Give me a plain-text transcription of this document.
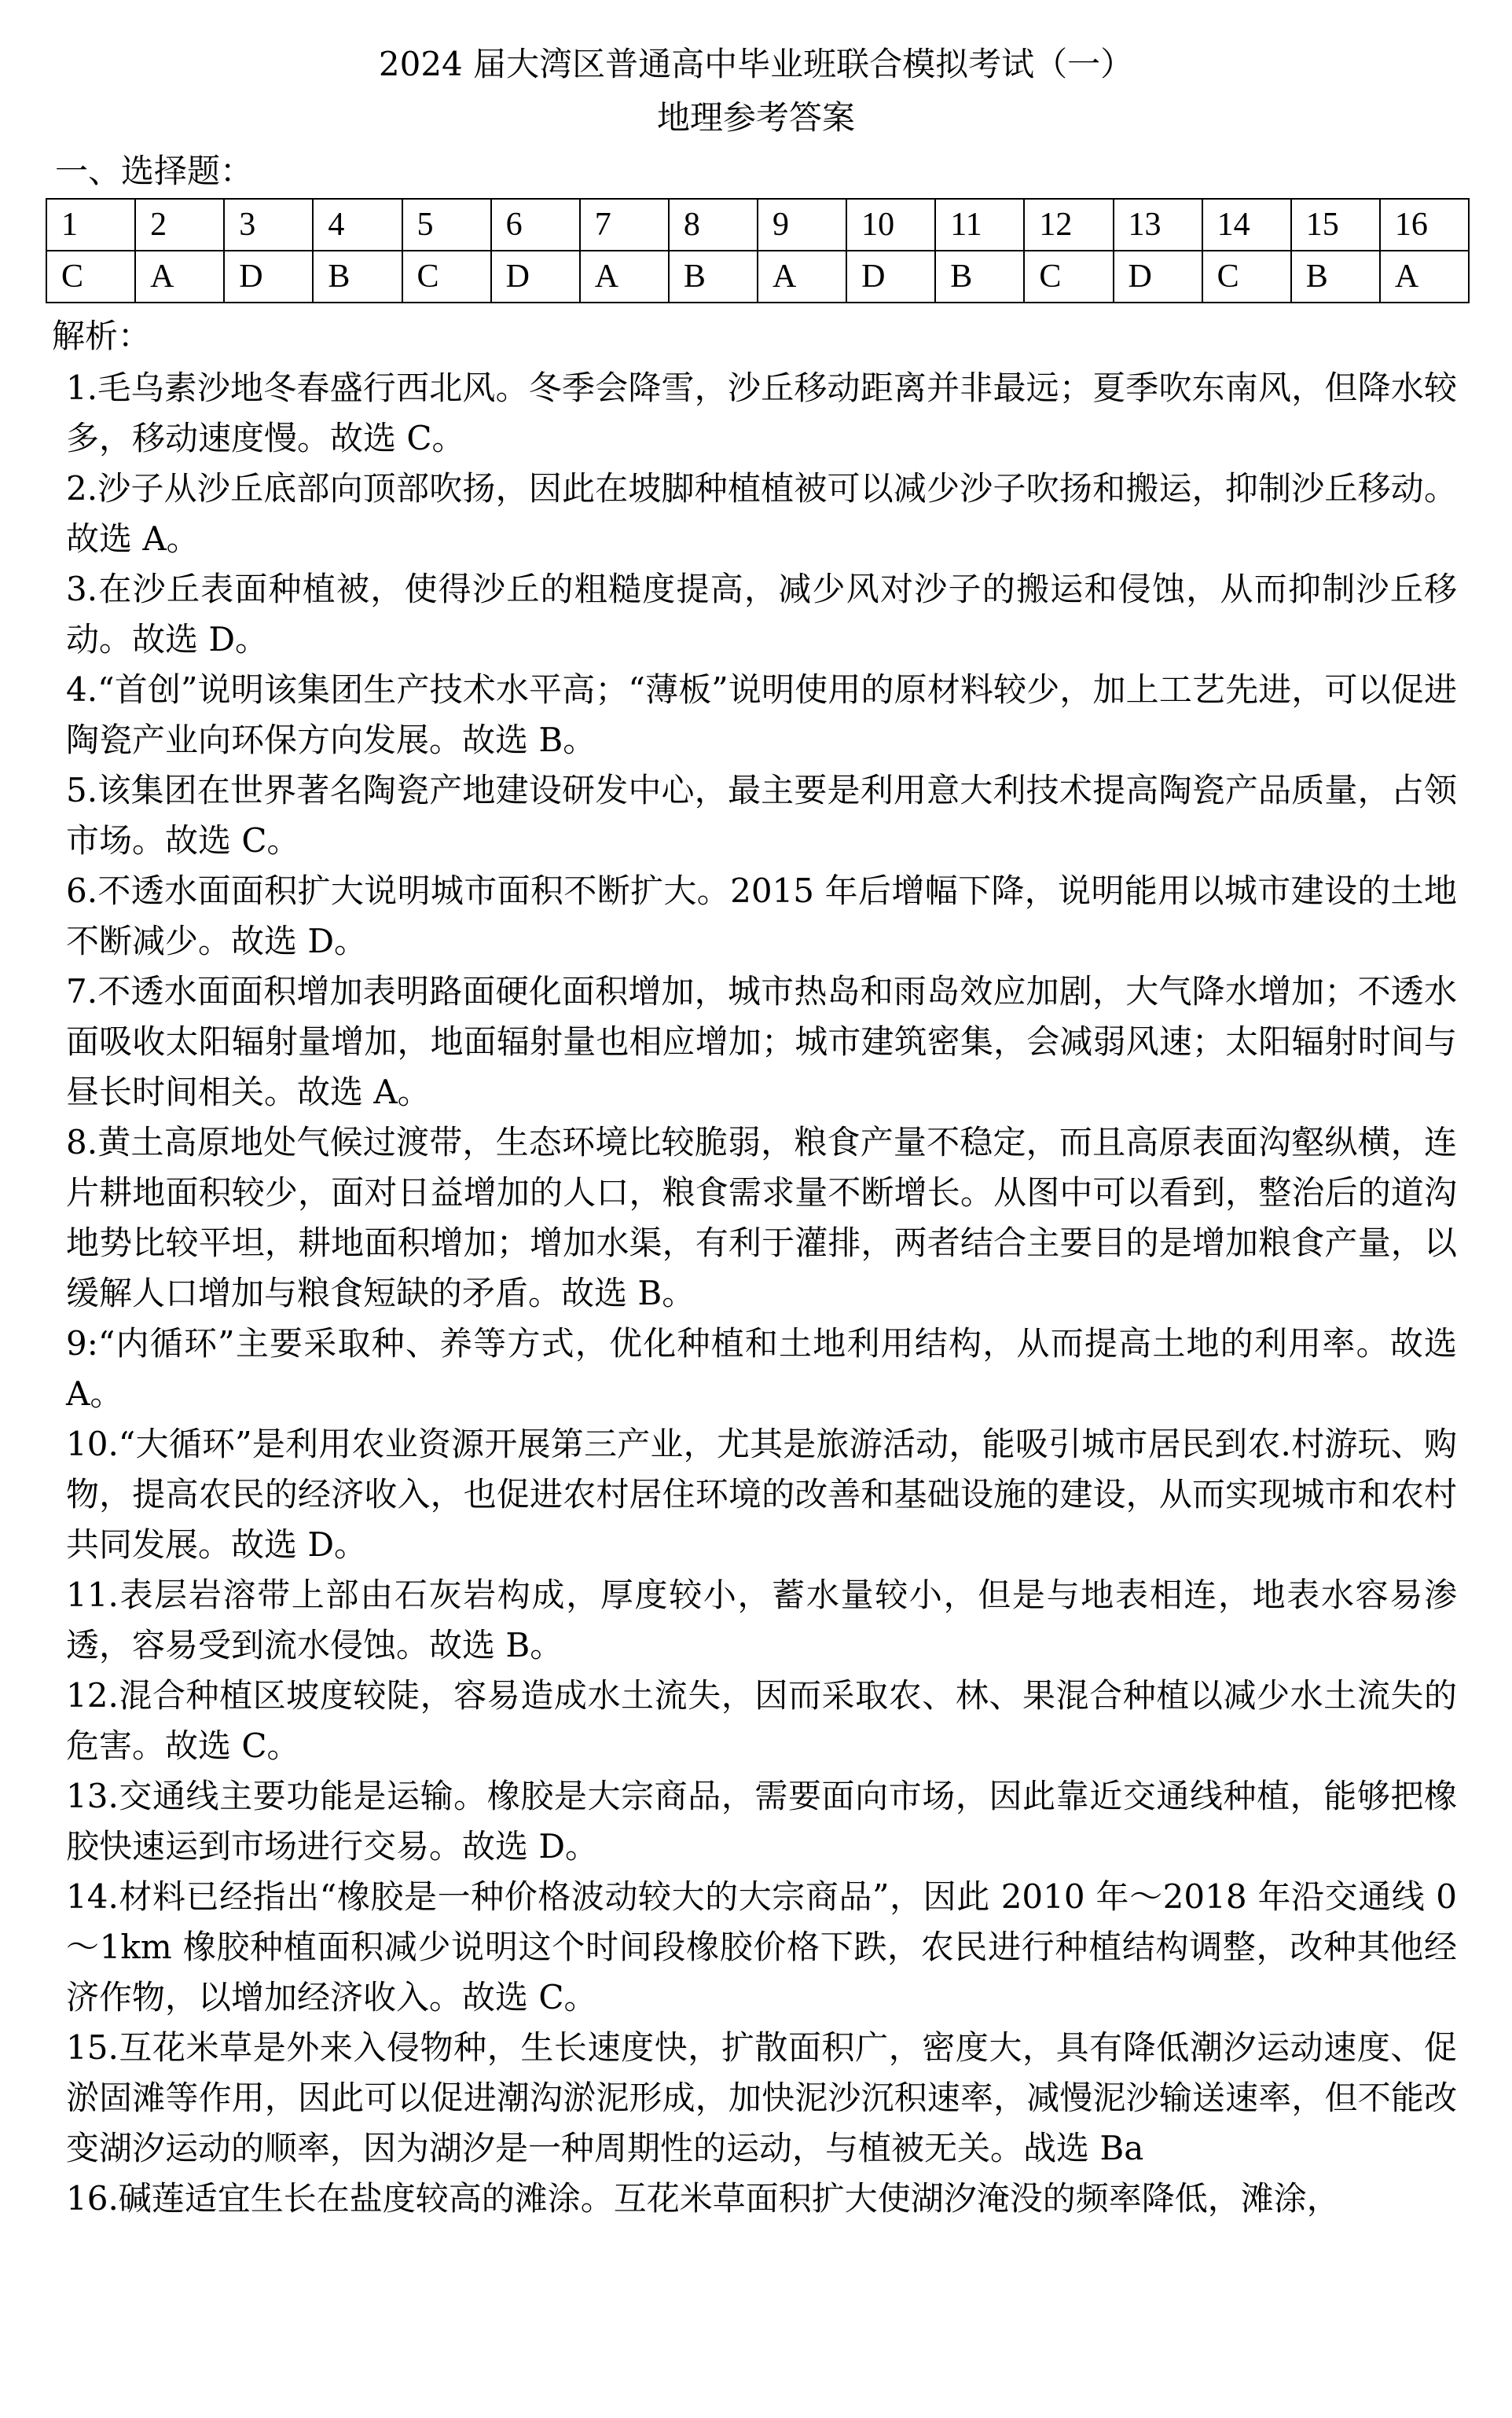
2024 届大湾区普通高中毕业班联合模拟考试（一）
地理参考答案
一、选择题：
1	2	3	4	5	6	7	8	9	10	11	12	13	14	15	16
C	A	D	B	C	D	A	B	A	D	B	C	D	C	B	A
解析：

1.毛乌素沙地冬春盛行西北风。冬季会降雪，沙丘移动距离并非最远；夏季吹东南风，但降水较多，移动速度慢。故选 C。

2.沙子从沙丘底部向顶部吹扬，因此在坡脚种植植被可以减少沙子吹扬和搬运，抑制沙丘移动。故选 A。

3.在沙丘表面种植被，使得沙丘的粗糙度提高，减少风对沙子的搬运和侵蚀，从而抑制沙丘移动。故选 D。

4.“首创”说明该集团生产技术水平高；“薄板”说明使用的原材料较少，加上工艺先进，可以促进陶瓷产业向环保方向发展。故选 B。

5.该集团在世界著名陶瓷产地建设研发中心，最主要是利用意大利技术提高陶瓷产品质量，占领市场。故选 C。

6.不透水面面积扩大说明城市面积不断扩大。2015 年后增幅下降，说明能用以城市建设的土地不断减少。故选 D。

7.不透水面面积增加表明路面硬化面积增加，城市热岛和雨岛效应加剧，大气降水增加；不透水面吸收太阳辐射量增加，地面辐射量也相应增加；城市建筑密集，会减弱风速；太阳辐射时间与昼长时间相关。故选 A。

8.黄土高原地处气候过渡带，生态环境比较脆弱，粮食产量不稳定，而且高原表面沟壑纵横，连片耕地面积较少，面对日益增加的人口，粮食需求量不断增长。从图中可以看到，整治后的道沟地势比较平坦，耕地面积增加；增加水渠，有利于灌排，两者结合主要目的是增加粮食产量，以缓解人口增加与粮食短缺的矛盾。故选 B。

9:“内循环”主要采取种、养等方式，优化种植和土地利用结构，从而提高土地的利用率。故选 A。

10.“大循环”是利用农业资源开展第三产业，尤其是旅游活动，能吸引城市居民到农.村游玩、购物，提高农民的经济收入，也促进农村居住环境的改善和基础设施的建设，从而实现城市和农村共同发展。故选 D。

11.表层岩溶带上部由石灰岩构成，厚度较小，蓄水量较小，但是与地表相连，地表水容易渗透，容易受到流水侵蚀。故选 B。

12.混合种植区坡度较陡，容易造成水土流失，因而采取农、林、果混合种植以减少水土流失的危害。故选 C。

13.交通线主要功能是运输。橡胶是大宗商品，需要面向市场，因此靠近交通线种植，能够把橡胶快速运到市场进行交易。故选 D。

14.材料已经指出“橡胶是一种价格波动较大的大宗商品”，因此 2010 年～2018 年沿交通线 0～1km 橡胶种植面积减少说明这个时间段橡胶价格下跌，农民进行种植结构调整，改种其他经济作物，以增加经济收入。故选 C。

15.互花米草是外来入侵物种，生长速度快，扩散面积广，密度大，具有降低潮汐运动速度、促淤固滩等作用，因此可以促进潮沟淤泥形成，加快泥沙沉积速率，减慢泥沙输送速率，但不能改变湖汐运动的顺率，因为湖汐是一种周期性的运动，与植被无关。战选 Ba

16.碱莲适宜生长在盐度较高的滩涂。互花米草面积扩大使湖汐淹没的频率降低，滩涂，
